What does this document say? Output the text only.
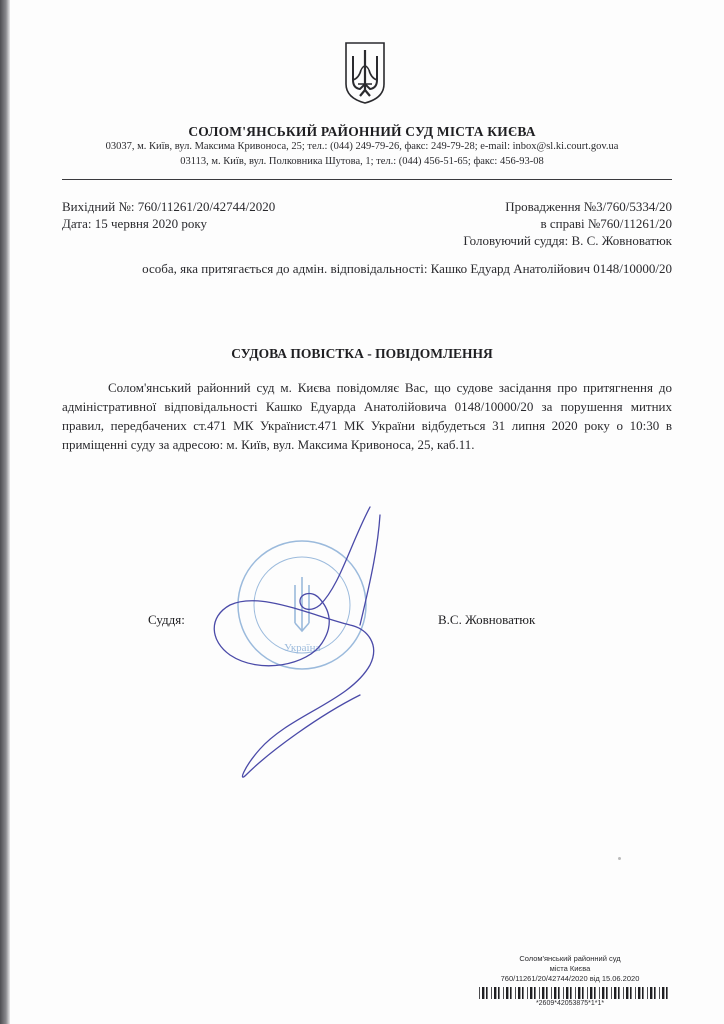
СОЛОМ'ЯНСЬКИЙ РАЙОННИЙ СУД МІСТА КИЄВА
03037, м. Київ, вул. Максима Кривоноса, 25; тел.: (044) 249-79-26, факс: 249-79-28; e-mail: inbox@sl.ki.court.gov.ua
03113, м. Київ, вул. Полковника Шутова, 1; тел.: (044) 456-51-65; факс: 456-93-08
Вихідний №: 760/11261/20/42744/2020
Дата: 15 червня 2020 року
Провадження №3/760/5334/20
в справі №760/11261/20
Головуючий суддя: В. С. Жовноватюк
особа, яка притягається до адмін. відповідальності: Кашко Едуард Анатолійович 0148/10000/20
СУДОВА ПОВІСТКА - ПОВІДОМЛЕННЯ

Солом'янський районний суд м. Києва повідомляє Вас, що судове засідання про притягнення до адміністративної відповідальності Кашко Едуарда Анатолійовича 0148/10000/20 за порушення митних правил, передбачених ст.471 МК Українист.471 МК України відбудеться 31 липня 2020 року о 10:30 в приміщенні суду за адресою: м. Київ, вул. Максима Кривоноса, 25, каб.11.

Україна
Суддя:	В.С. Жовноватюк
Солом'янський районний суд
міста Києва
760/11261/20/42744/2020 від 15.06.2020
*2609*42053875*1*1*
